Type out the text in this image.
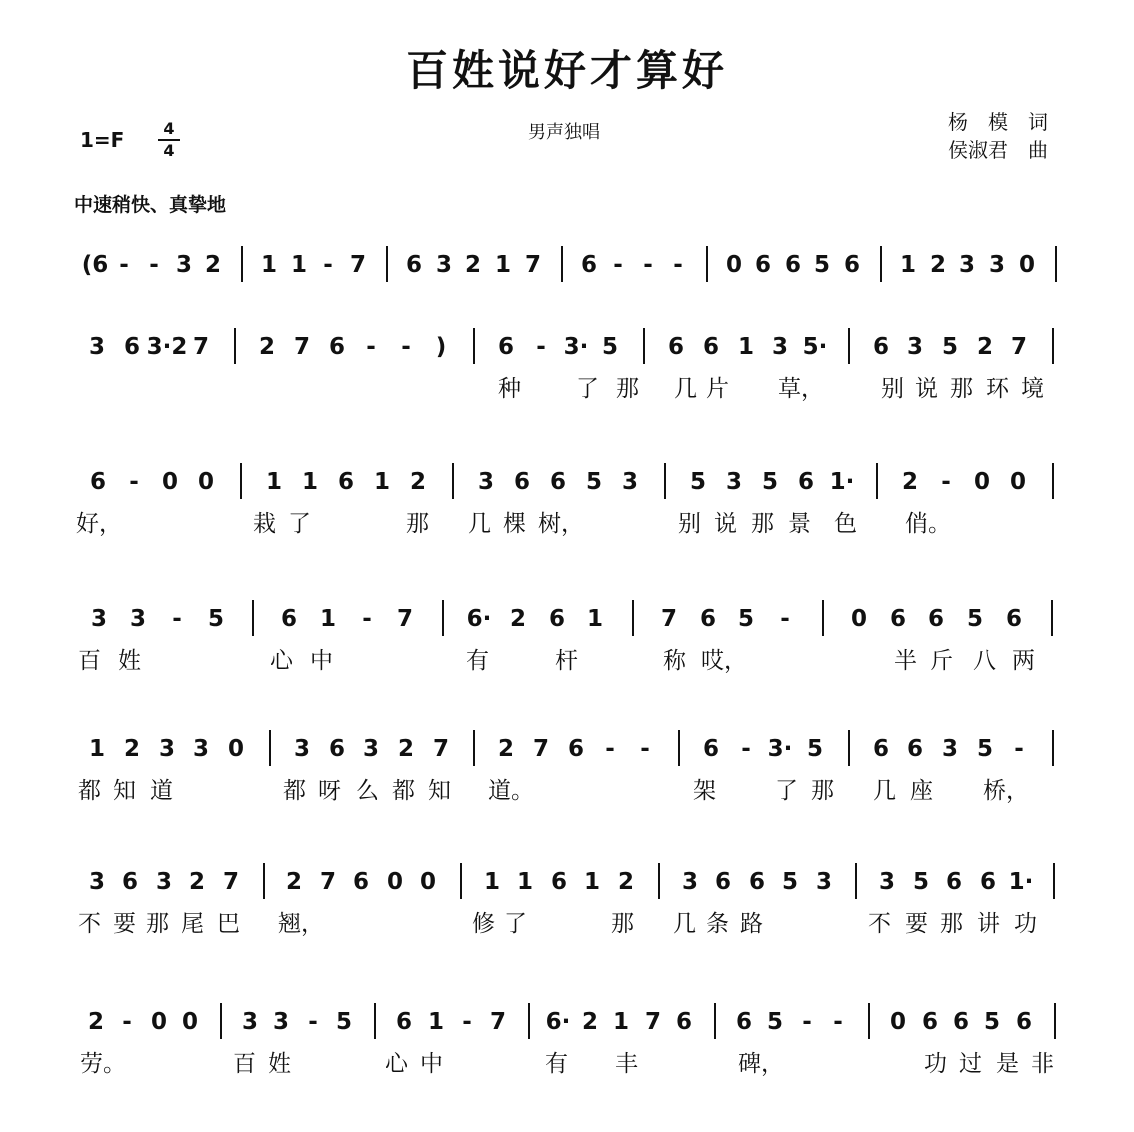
百姓说好才算好
1=F	4
4
男声独唱	杨　模　词
侯淑君　曲
中速稍快、真挚地
(6 - - 3 2 1 1 - 7 6 3 2 1 7 6 - - - 0 6 6 5 6 1 2 3 3 0
3 6 3·2 7 2 7 6 - - ) 6 - 3· 5 6 6 1 3 5· 6 3 5 2 7
种 了 那 几 片 草， 别 说 那 环 境
6 - 0 0 1 1 6 1 2 3 6 6 5 3 5 3 5 6 1· 2 - 0 0
好，	栽 了	那 几 棵 树，	别 说 那 景 色 俏。
3 3 - 5 6 1 - 7 6· 2 6 1	7 6 5 -	0 6 6 5 6
百 姓	心 中	有	杆	称 哎，	半 斤 八 两
1 2 3 3 0 3 6 3 2 7 2 7 6 - - 6 - 3· 5 6 6 3 5 -
都 知 道	都 呀 么 都 知 道。	架	了 那 几 座 桥，
3 6 3 2 7 2 7 6 0 0 1 1 6 1 2 3 6 6 5 3 3 5 6 6 1·
不 要 那 尾 巴 翘，	修 了	那 几 条 路	不 要 那 讲 功
2 - 0 0 3 3 - 5 6 1 - 7 6· 2 1 7 6 6 5 - - 0 6 6 5 6
劳。	百 姓	心 中	有 丰	碑，	功 过 是 非
